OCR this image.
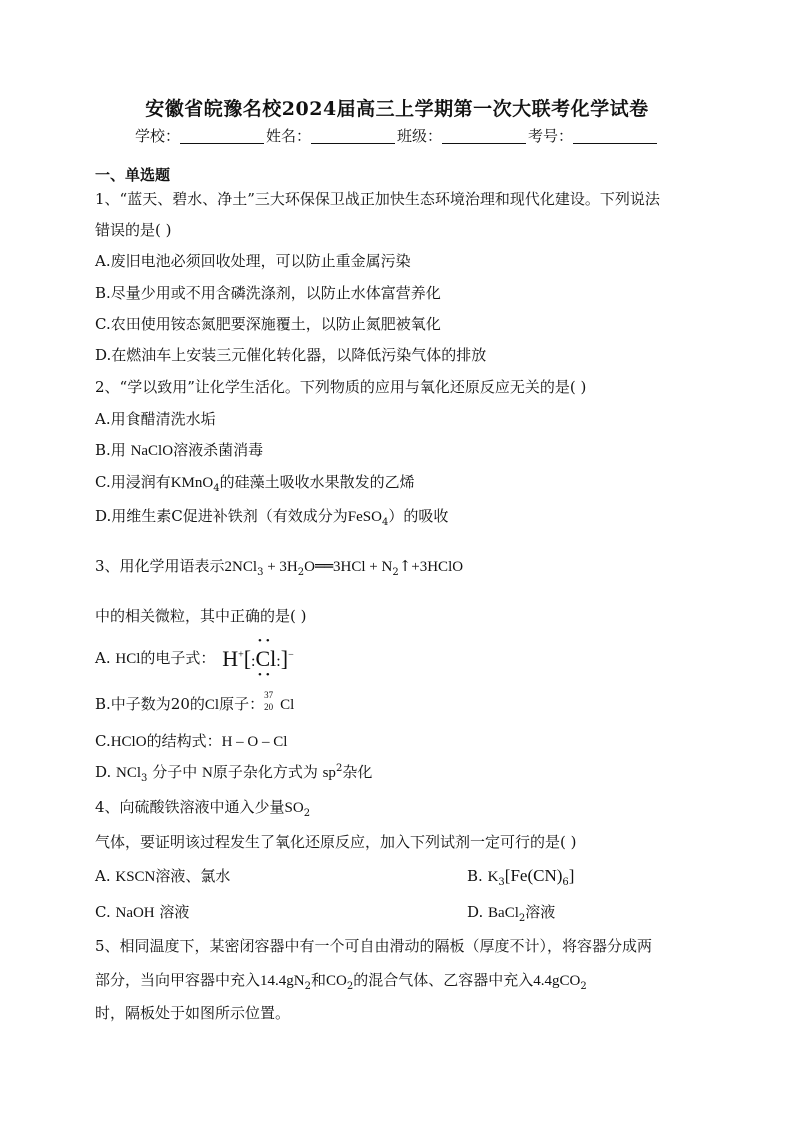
安徽省皖豫名校2024届高三上学期第一次大联考化学试卷
学校：	姓名：	班级：	考号：
一、单选题
1、“蓝天、碧水、净土”三大环保保卫战正加快生态环境治理和现代化建设。下列说法
错误的是( )
A.废旧电池必须回收处理，可以防止重金属污染
B.尽量少用或不用含磷洗涤剂，以防止水体富营养化
C.农田使用铵态氮肥要深施覆土，以防止氮肥被氧化
D.在燃油车上安装三元催化转化器，以降低污染气体的排放
2、“学以致用”让化学生活化。下列物质的应用与氧化还原反应无关的是( )
A.用食醋清洗水垢
B.用 NaClO溶液杀菌消毒
C.用浸润有KMnO$_4$的硅藻土吸收水果散发的乙烯
D.用维生素C促进补铁剂（有效成分为FeSO$_4$）的吸收
3、用化学用语表示$2NCl_3 + 3H_2O══3HCl$ + $N_2↑+3HClO$
中的相关微粒，其中正确的是( )
A. HCl的电子式： H+[:
••
Cl
••
:]−
B.中子数为20的Cl原子： 37
20 Cl
C.HClO的结构式：H – O – Cl
D. NCl$_3$ 分子中 N原子杂化方式为 $sp^2$杂化
4、向硫酸铁溶液中通入少量$SO_2$
气体，要证明该过程发生了氧化还原反应，加入下列试剂一定可行的是( )
A. KSCN溶液、氯水	B. $K_3[Fe(CN)_6]$
C. NaOH 溶液	D. BaCl$_2$溶液
5、相同温度下，某密闭容器中有一个可自由滑动的隔板（厚度不计），将容器分成两
部分，当向甲容器中充入$14.4gN_2$和$CO_2$的混合气体、乙容器中充入4.4gCO$_2$
时，隔板处于如图所示位置。
